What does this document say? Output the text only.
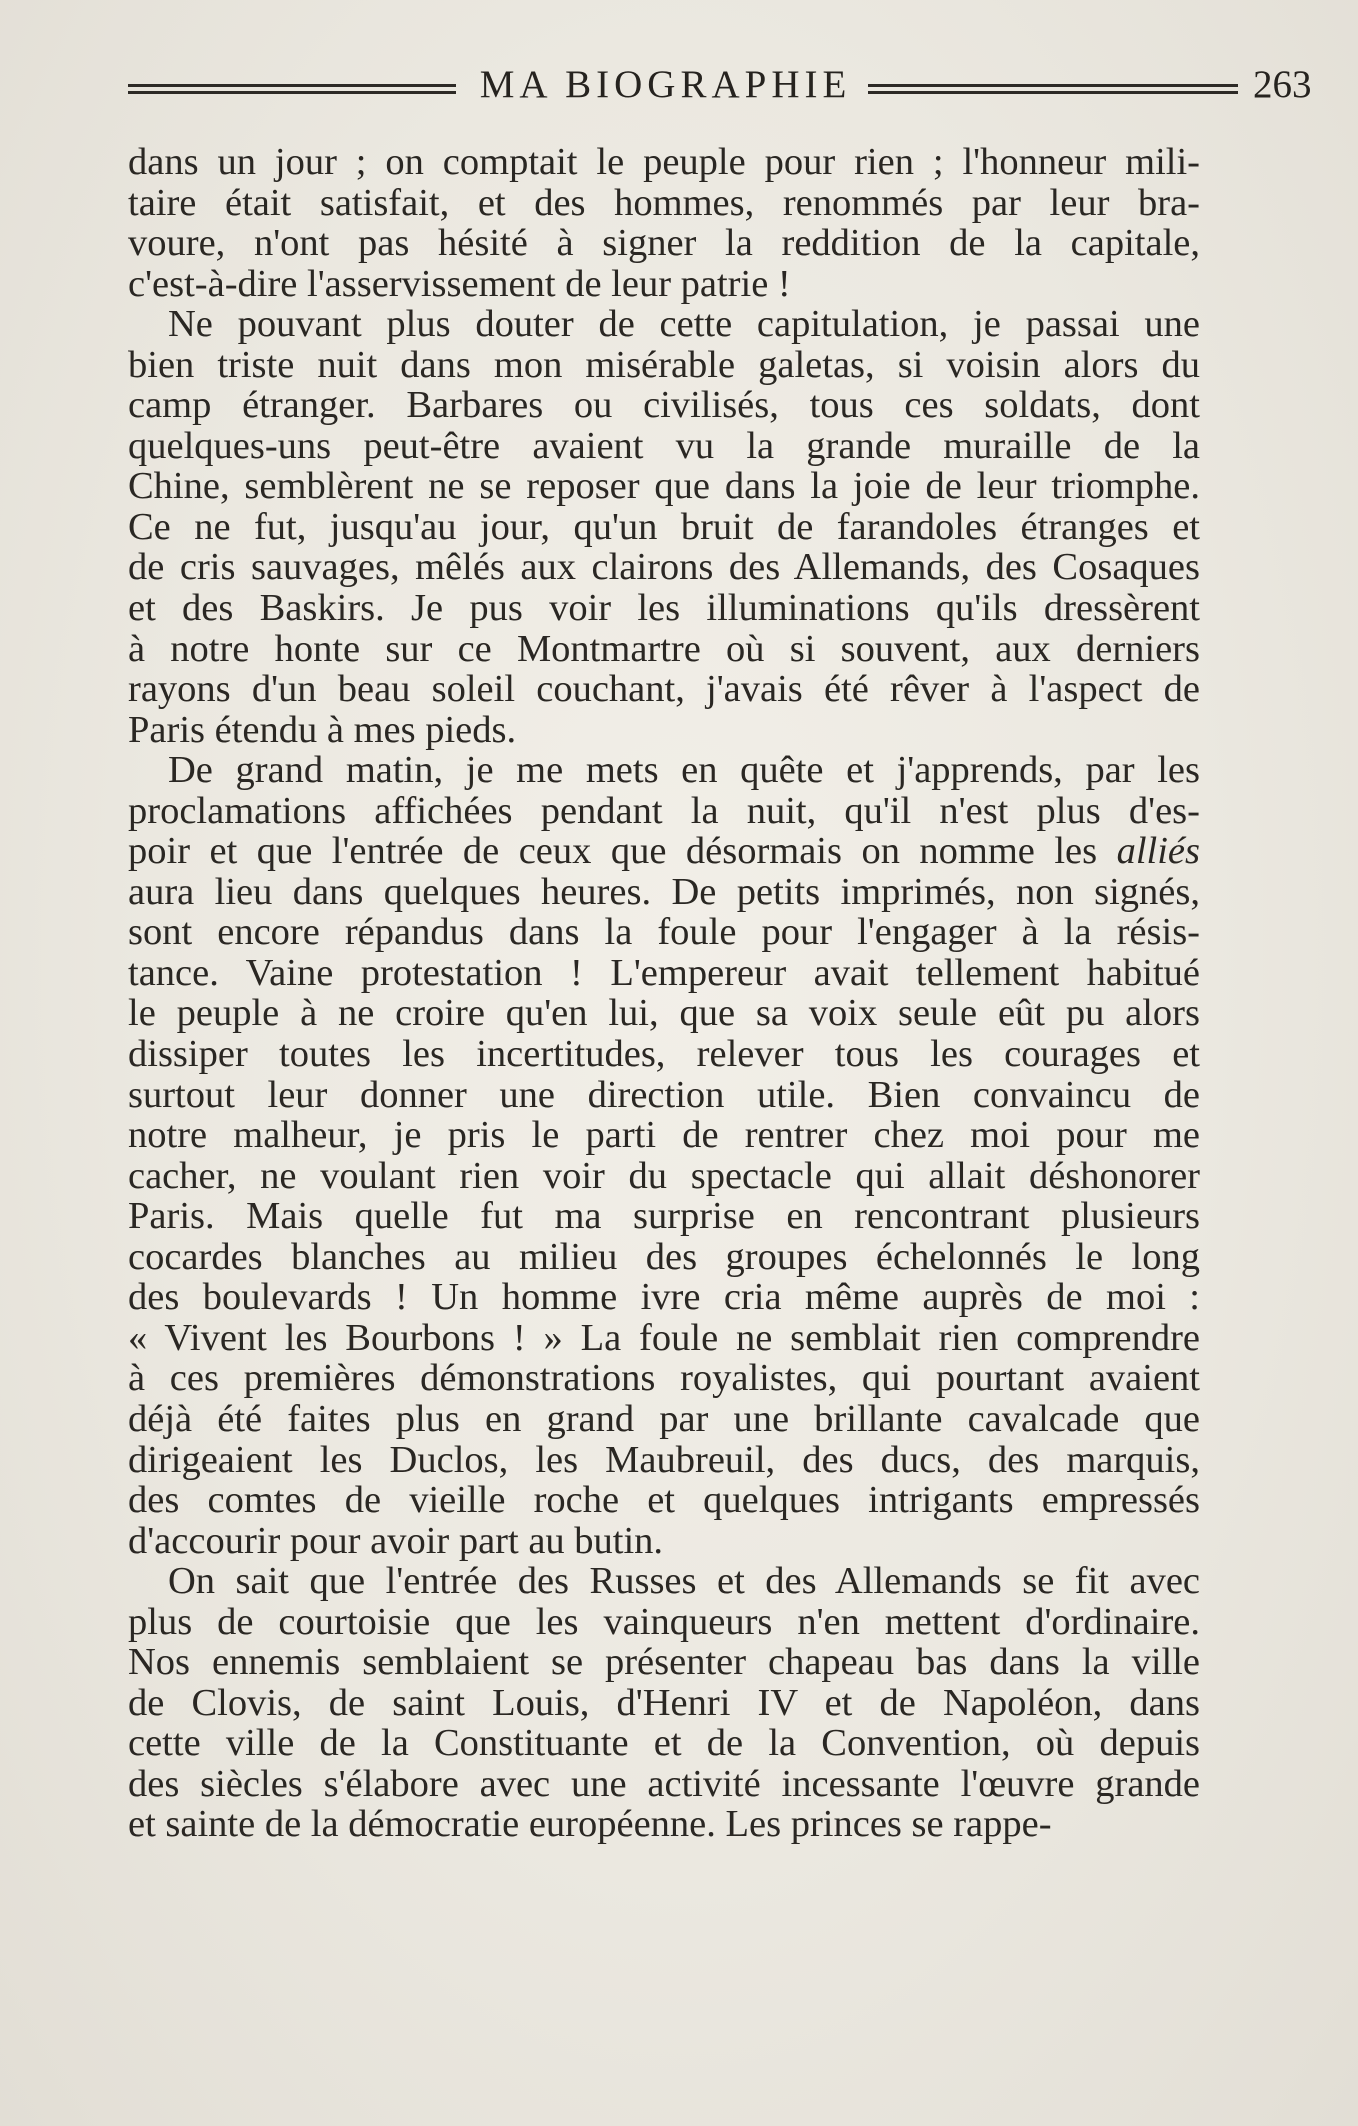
MA BIOGRAPHIE	263
dans un jour ; on comptait le peuple pour rien ; l'honneur mili-
taire était satisfait, et des hommes, renommés par leur bra-
voure, n'ont pas hésité à signer la reddition de la capitale,
c'est-à-dire l'asservissement de leur patrie !
Ne pouvant plus douter de cette capitulation, je passai une
bien triste nuit dans mon misérable galetas, si voisin alors du
camp étranger. Barbares ou civilisés, tous ces soldats, dont
quelques-uns peut-être avaient vu la grande muraille de la
Chine, semblèrent ne se reposer que dans la joie de leur triomphe.
Ce ne fut, jusqu'au jour, qu'un bruit de farandoles étranges et
de cris sauvages, mêlés aux clairons des Allemands, des Cosaques
et des Baskirs. Je pus voir les illuminations qu'ils dressèrent
à notre honte sur ce Montmartre où si souvent, aux derniers
rayons d'un beau soleil couchant, j'avais été rêver à l'aspect de
Paris étendu à mes pieds.
De grand matin, je me mets en quête et j'apprends, par les
proclamations affichées pendant la nuit, qu'il n'est plus d'es-
poir et que l'entrée de ceux que désormais on nomme les alliés
aura lieu dans quelques heures. De petits imprimés, non signés,
sont encore répandus dans la foule pour l'engager à la résis-
tance. Vaine protestation ! L'empereur avait tellement habitué
le peuple à ne croire qu'en lui, que sa voix seule eût pu alors
dissiper toutes les incertitudes, relever tous les courages et
surtout leur donner une direction utile. Bien convaincu de
notre malheur, je pris le parti de rentrer chez moi pour me
cacher, ne voulant rien voir du spectacle qui allait déshonorer
Paris. Mais quelle fut ma surprise en rencontrant plusieurs
cocardes blanches au milieu des groupes échelonnés le long
des boulevards ! Un homme ivre cria même auprès de moi :
« Vivent les Bourbons ! » La foule ne semblait rien comprendre
à ces premières démonstrations royalistes, qui pourtant avaient
déjà été faites plus en grand par une brillante cavalcade que
dirigeaient les Duclos, les Maubreuil, des ducs, des marquis,
des comtes de vieille roche et quelques intrigants empressés
d'accourir pour avoir part au butin.
On sait que l'entrée des Russes et des Allemands se fit avec
plus de courtoisie que les vainqueurs n'en mettent d'ordinaire.
Nos ennemis semblaient se présenter chapeau bas dans la ville
de Clovis, de saint Louis, d'Henri IV et de Napoléon, dans
cette ville de la Constituante et de la Convention, où depuis
des siècles s'élabore avec une activité incessante l'œuvre grande
et sainte de la démocratie européenne. Les princes se rappe-
